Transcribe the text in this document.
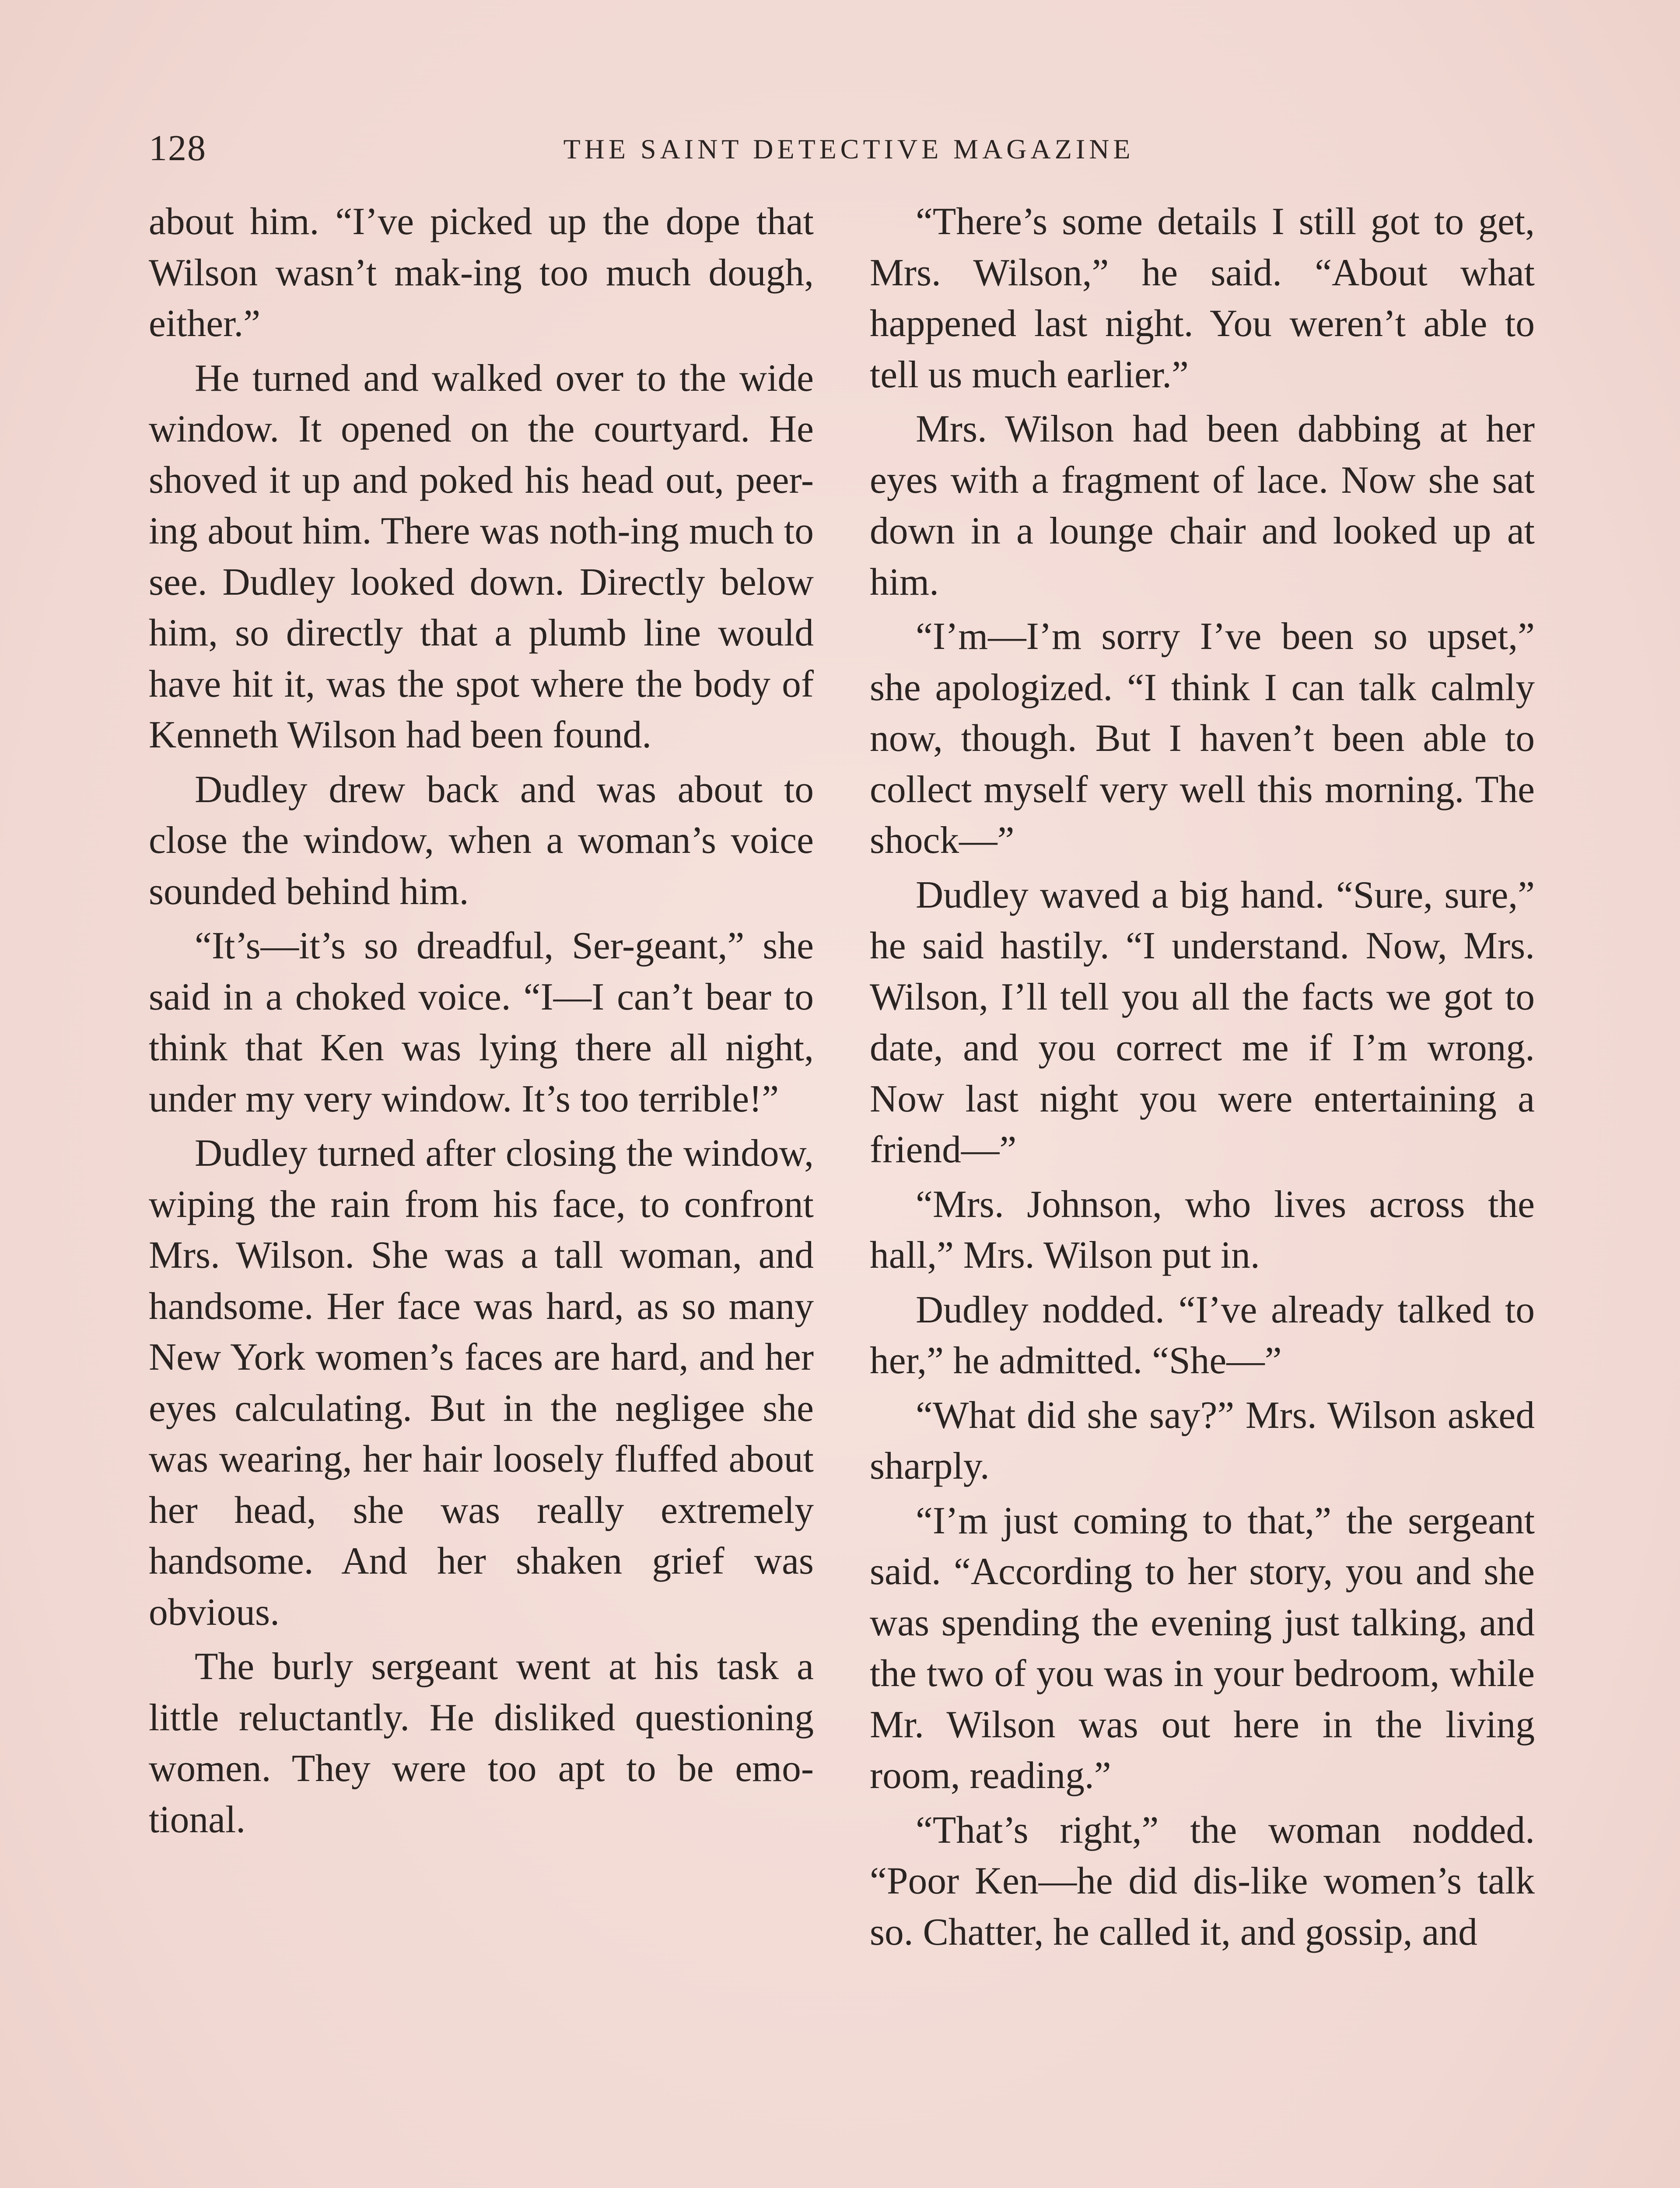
128	THE SAINT DETECTIVE MAGAZINE

about him. “I’ve picked up the dope that Wilson wasn’t mak-ing too much dough, either.”

He turned and walked over to the wide window. It opened on the courtyard. He shoved it up and poked his head out, peer-ing about him. There was noth-ing much to see. Dudley looked down. Directly below him, so directly that a plumb line would have hit it, was the spot where the body of Kenneth Wilson had been found.

Dudley drew back and was about to close the window, when a woman’s voice sounded behind him.

“It’s—it’s so dreadful, Ser-geant,” she said in a choked voice. “I—I can’t bear to think that Ken was lying there all night, under my very window. It’s too terrible!”

Dudley turned after closing the window, wiping the rain from his face, to confront Mrs. Wilson. She was a tall woman, and handsome. Her face was hard, as so many New York women’s faces are hard, and her eyes calculating. But in the negligee she was wearing, her hair loosely fluffed about her head, she was really extremely handsome. And her shaken grief was obvious.

The burly sergeant went at his task a little reluctantly. He disliked questioning women. They were too apt to be emo-tional.

“There’s some details I still got to get, Mrs. Wilson,” he said. “About what happened last night. You weren’t able to tell us much earlier.”

Mrs. Wilson had been dabbing at her eyes with a fragment of lace. Now she sat down in a lounge chair and looked up at him.

“I’m—I’m sorry I’ve been so upset,” she apologized. “I think I can talk calmly now, though. But I haven’t been able to collect myself very well this morning. The shock—”

Dudley waved a big hand. “Sure, sure,” he said hastily. “I understand. Now, Mrs. Wilson, I’ll tell you all the facts we got to date, and you correct me if I’m wrong. Now last night you were entertaining a friend—”

“Mrs. Johnson, who lives across the hall,” Mrs. Wilson put in.

Dudley nodded. “I’ve already talked to her,” he admitted. “She—”

“What did she say?” Mrs. Wilson asked sharply.

“I’m just coming to that,” the sergeant said. “According to her story, you and she was spending the evening just talking, and the two of you was in your bedroom, while Mr. Wilson was out here in the living room, reading.”

“That’s right,” the woman nodded. “Poor Ken—he did dis-like women’s talk so. Chatter, he called it, and gossip, and
